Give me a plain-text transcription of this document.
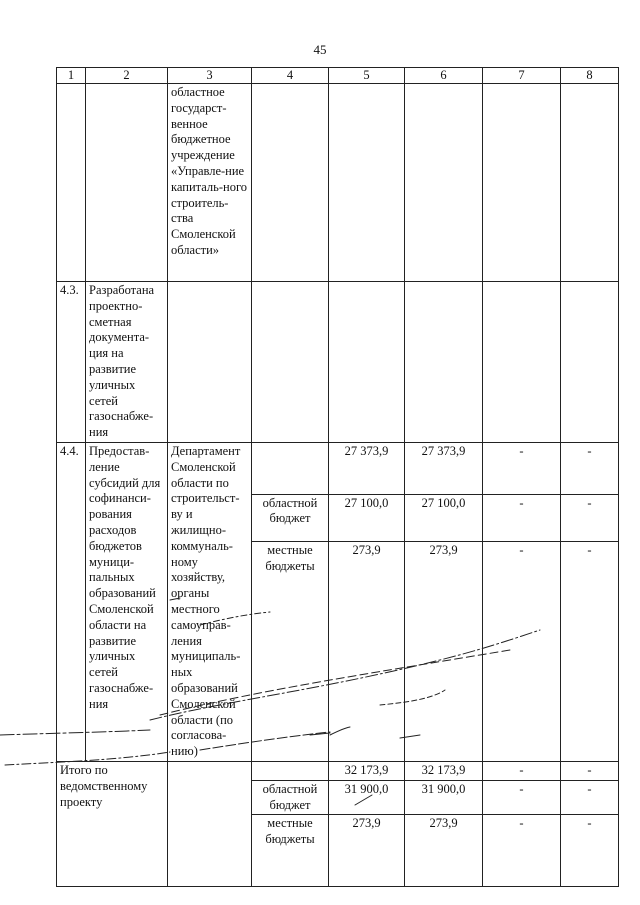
45
1	2	3	4	5	6	7	8
		областное государст-венное бюджетное учреждение «Управле-ние капиталь-ного строитель-ства Смоленской области»					
4.3.	Разработана проектно-сметная документа-ция на развитие уличных сетей газоснабже-ния						
4.4.	Предостав-ление субсидий для софинанси-рования расходов бюджетов муници-пальных образований Смоленской области на развитие уличных сетей газоснабже-ния	Департамент Смоленской области по строительст-ву и жилищно-коммуналь-ному хозяйству, органы местного самоуправ-ления муниципаль-ных образований Смоленской области (по согласова-нию)		27 373,9	27 373,9	-	-
			областной бюджет	27 100,0	27 100,0	-	-
			местные бюджеты	273,9	273,9	-	-
Итого по ведомственному проекту				32 173,9	32 173,9	-	-
			областной бюджет	31 900,0	31 900,0	-	-
			местные бюджеты	273,9	273,9	-	-
